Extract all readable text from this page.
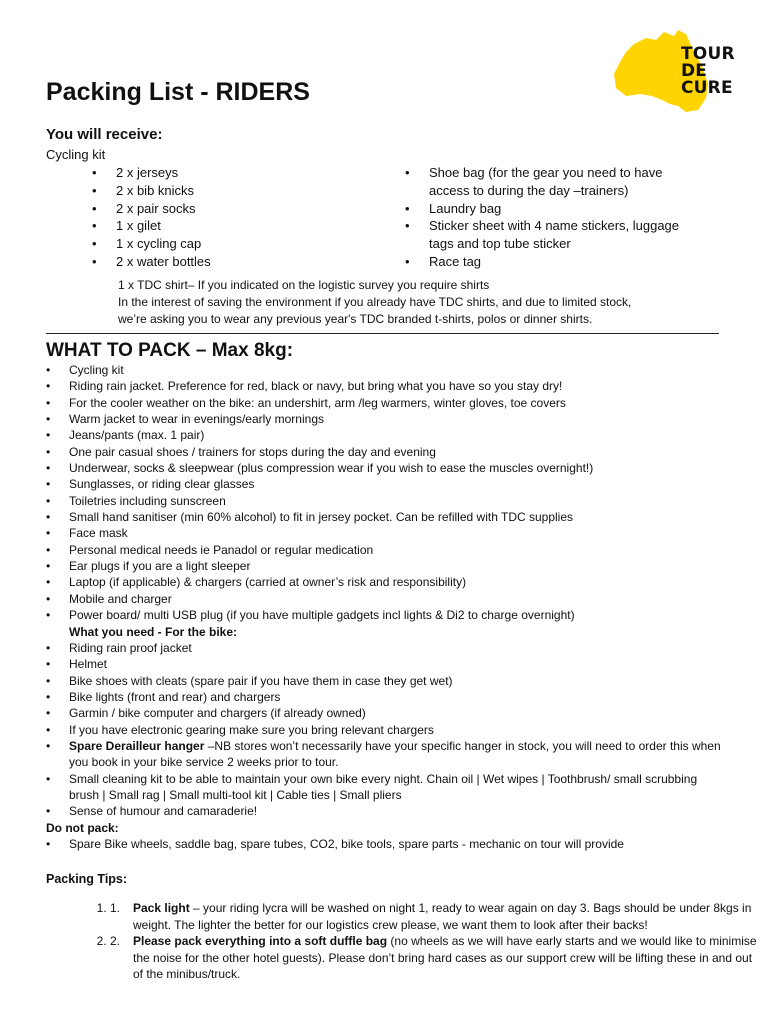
TOUR
DE
CURE
Packing List - RIDERS
You will receive:
Cycling kit
• 2 x jerseys
• 2 x bib knicks
• 2 x pair socks
• 1 x gilet
• 1 x cycling cap
• 2 x water bottles
• Shoe bag (for the gear you need to have access to during the day –trainers)
• Laundry bag
• Sticker sheet with 4 name stickers, luggage tags and top tube sticker
• Race tag
1 x TDC shirt– If you indicated on the logistic survey you require shirts
In the interest of saving the environment if you already have TDC shirts, and due to limited stock,
we’re asking you to wear any previous year's TDC branded t-shirts, polos or dinner shirts.
WHAT TO PACK – Max 8kg:
• Cycling kit
• Riding rain jacket. Preference for red, black or navy, but bring what you have so you stay dry!
• For the cooler weather on the bike: an undershirt, arm /leg warmers, winter gloves, toe covers
• Warm jacket to wear in evenings/early mornings
• Jeans/pants (max. 1 pair)
• One pair casual shoes / trainers for stops during the day and evening
• Underwear, socks & sleepwear (plus compression wear if you wish to ease the muscles overnight!)
• Sunglasses, or riding clear glasses
• Toiletries including sunscreen
• Small hand sanitiser (min 60% alcohol) to fit in jersey pocket. Can be refilled with TDC supplies
• Face mask
• Personal medical needs ie Panadol or regular medication
• Ear plugs if you are a light sleeper
• Laptop (if applicable) & chargers (carried at owner’s risk and responsibility)
• Mobile and charger
• Power board/ multi USB plug (if you have multiple gadgets incl lights & Di2 to charge overnight)
What you need - For the bike:
• Riding rain proof jacket
• Helmet
• Bike shoes with cleats (spare pair if you have them in case they get wet)
• Bike lights (front and rear) and chargers
• Garmin / bike computer and chargers (if already owned)
• If you have electronic gearing make sure you bring relevant chargers
• Spare Derailleur hanger –NB stores won’t necessarily have your specific hanger in stock, you will need to order this when you book in your bike service 2 weeks prior to tour.
• Small cleaning kit to be able to maintain your own bike every night. Chain oil | Wet wipes | Toothbrush/ small scrubbing brush | Small rag | Small multi-tool kit | Cable ties | Small pliers
• Sense of humour and camaraderie!
Do not pack:
• Spare Bike wheels, saddle bag, spare tubes, CO2, bike tools, spare parts - mechanic on tour will provide
Packing Tips:
1. 1. Pack light – your riding lycra will be washed on night 1, ready to wear again on day 3. Bags should be under 8kgs in weight. The lighter the better for our logistics crew please, we want them to look after their backs!
2. 2. Please pack everything into a soft duffle bag (no wheels as we will have early starts and we would like to minimise the noise for the other hotel guests). Please don’t bring hard cases as our support crew will be lifting these in and out of the minibus/truck.
